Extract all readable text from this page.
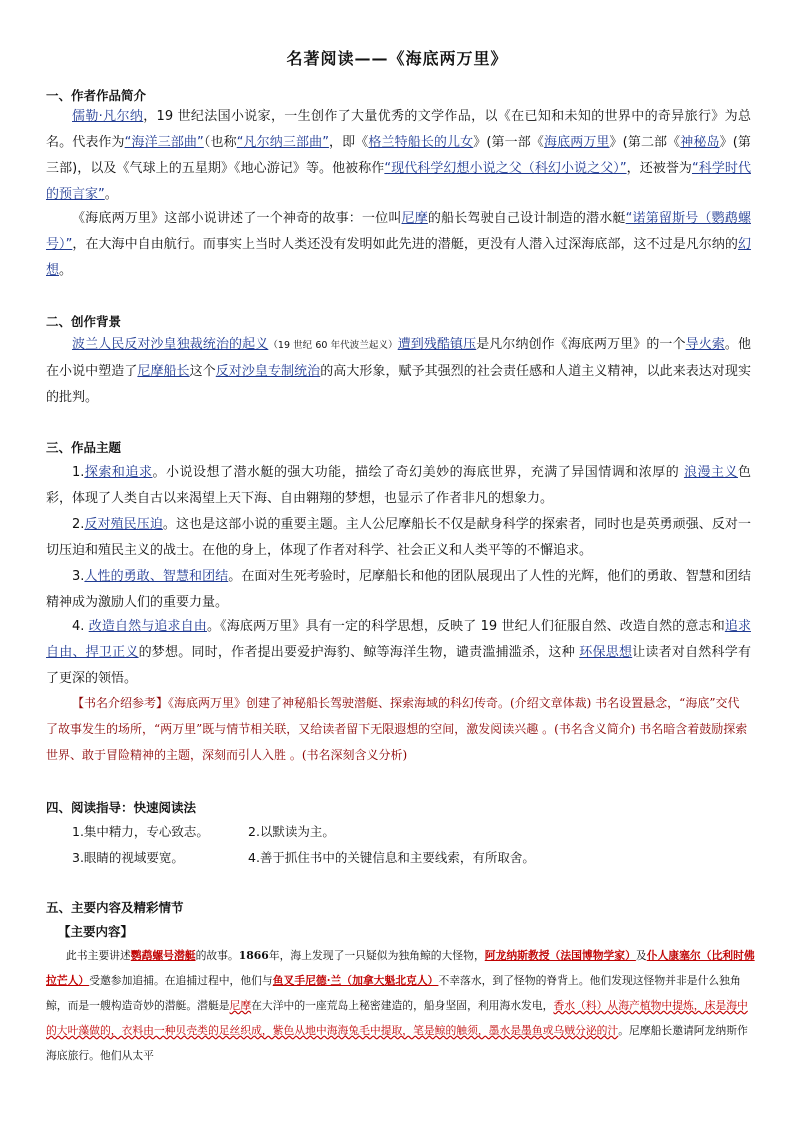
名著阅读——《海底两万里》
一、作者作品简介
儒勒·凡尔纳，19 世纪法国小说家，一生创作了大量优秀的文学作品，以《在已知和未知的世界中的奇异旅行》为总名。代表作为“海洋三部曲”（也称“凡尔纳三部曲”，即《格兰特船长的儿女》(第一部《海底两万里》(第二部《神秘岛》(第三部)，以及《气球上的五星期》《地心游记》等。他被称作“现代科学幻想小说之父（科幻小说之父）”，还被誉为“科学时代的预言家”。
《海底两万里》这部小说讲述了一个神奇的故事：一位叫尼摩的船长驾驶自己设计制造的潜水艇“诺第留斯号（鹦鹉螺号）”，在大海中自由航行。而事实上当时人类还没有发明如此先进的潜艇，更没有人潜入过深海底部，这不过是凡尔纳的幻想。
二、创作背景
波兰人民反对沙皇独裁统治的起义（19 世纪 60 年代波兰起义）遭到残酷镇压是凡尔纳创作《海底两万里》的一个导火索。他在小说中塑造了尼摩船长这个反对沙皇专制统治的高大形象，赋予其强烈的社会责任感和人道主义精神，以此来表达对现实的批判。
三、作品主题
1.探索和追求。小说设想了潜水艇的强大功能，描绘了奇幻美妙的海底世界，充满了异国情调和浓厚的 浪漫主义色彩，体现了人类自古以来渴望上天下海、自由翱翔的梦想，也显示了作者非凡的想象力。
2.反对殖民压迫。这也是这部小说的重要主题。主人公尼摩船长不仅是献身科学的探索者，同时也是英勇顽强、反对一切压迫和殖民主义的战士。在他的身上，体现了作者对科学、社会正义和人类平等的不懈追求。
3.人性的勇敢、智慧和团结。在面对生死考验时，尼摩船长和他的团队展现出了人性的光辉，他们的勇敢、智慧和团结精神成为激励人们的重要力量。
4. 改造自然与追求自由。《海底两万里》具有一定的科学思想，反映了 19 世纪人们征服自然、改造自然的意志和追求自由、捍卫正义的梦想。同时，作者提出要爱护海豹、鲸等海洋生物，谴责滥捕滥杀，这种 环保思想让读者对自然科学有了更深的领悟。
【书名介绍参考】《海底两万里》创建了神秘船长驾驶潜艇、探索海域的科幻传奇。(介绍文章体裁) 书名设置悬念，“海底”交代了故事发生的场所，“两万里”既与情节相关联，又给读者留下无限遐想的空间，激发阅读兴趣 。(书名含义简介) 书名暗含着鼓励探索世界、敢于冒险精神的主题，深刻而引人入胜 。(书名深刻含义分析)
四、阅读指导：快速阅读法
1.集中精力，专心致志。	2.以默读为主。
3.眼睛的视域要宽。	4.善于抓住书中的关键信息和主要线索，有所取舍。
五、主要内容及精彩情节
【主要内容】
此书主要讲述鹦鹉螺号潜艇的故事。1866年，海上发现了一只疑似为独角鲸的大怪物，阿龙纳斯教授（法国博物学家）及仆人康塞尔（比利时佛拉芒人）受邀参加追捕。在追捕过程中，他们与鱼叉手尼德·兰（加拿大魁北克人）不幸落水，到了怪物的脊背上。他们发现这怪物并非是什么独角鲸，而是一艘构造奇妙的潜艇。潜艇是尼摩在大洋中的一座荒岛上秘密建造的，船身坚固，利用海水发电，香水（料）从海产植物中提炼，床是海中的大叶藻做的，衣料由一种贝壳类的足丝织成，紫色从地中海海兔毛中提取，笔是鲸的触须，墨水是墨鱼或乌贼分泌的汁。尼摩船长邀请阿龙纳斯作海底旅行。他们从太平
